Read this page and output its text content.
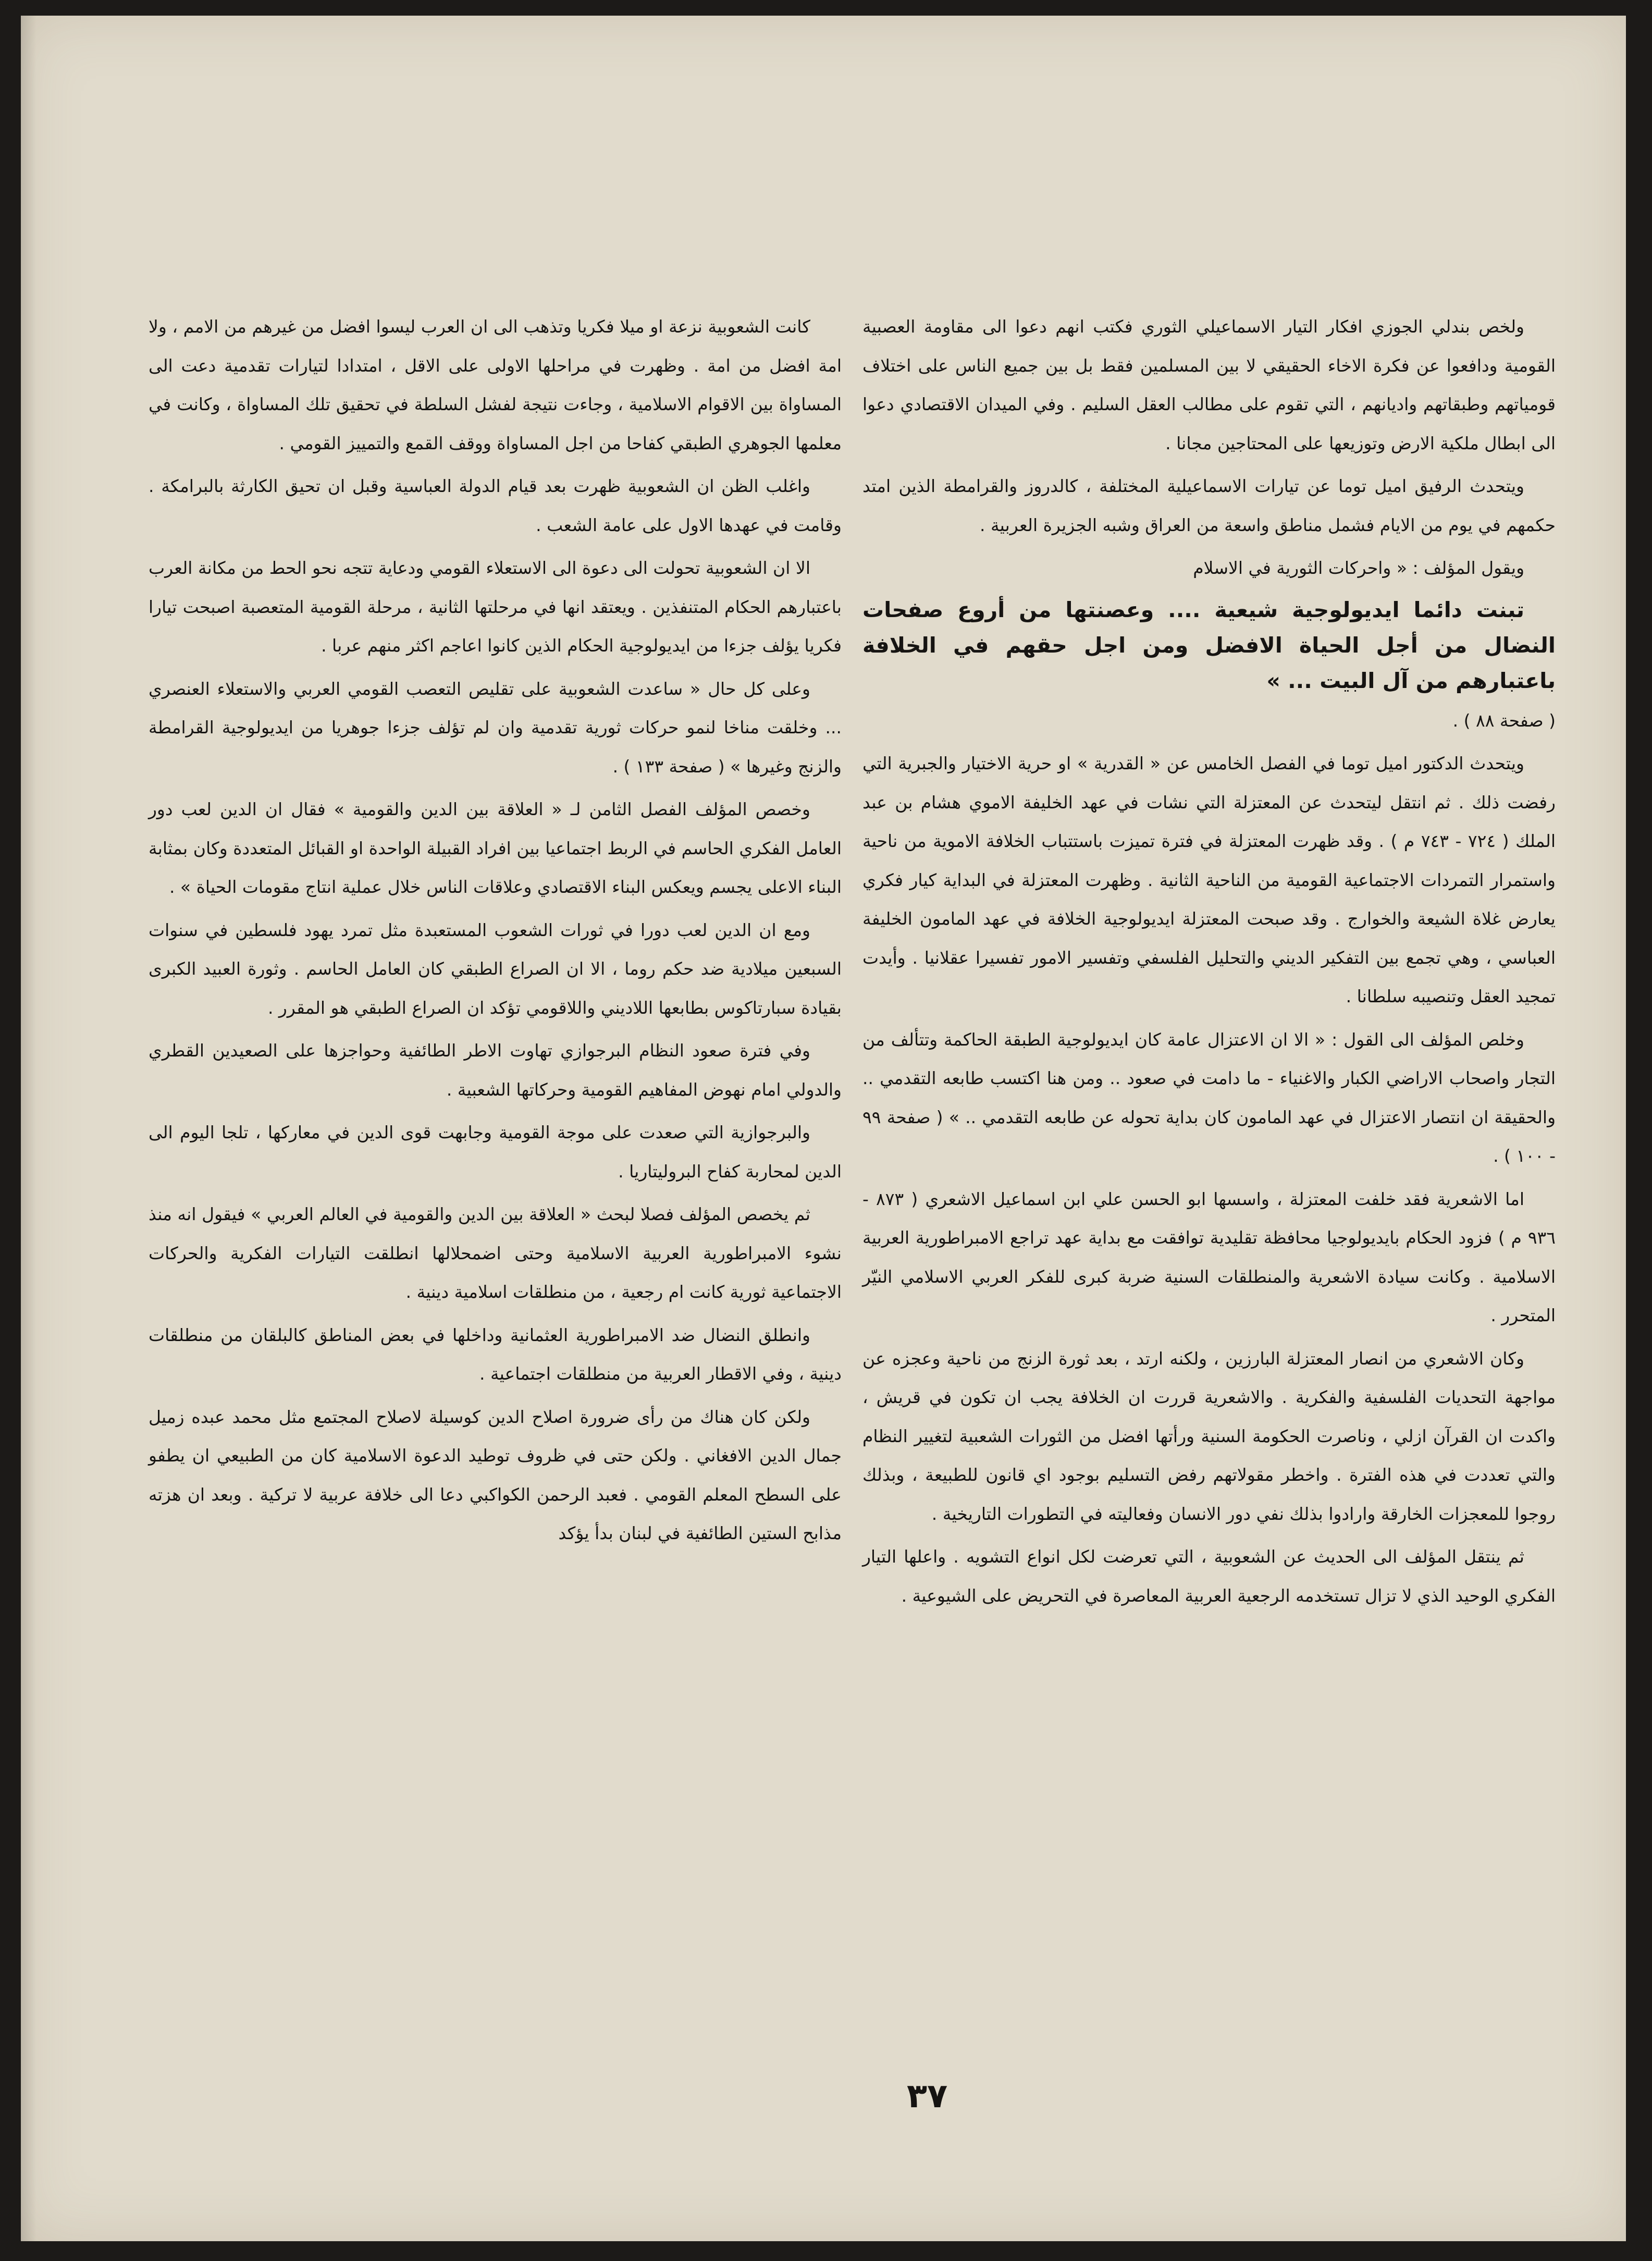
ولخص بندلي الجوزي افكار التيار الاسماعيلي الثوري فكتب انهم دعوا الى مقاومة العصبية القومية ودافعوا عن فكرة الاخاء الحقيقي لا بين المسلمين فقط بل بين جميع الناس على اختلاف قومياتهم وطبقاتهم واديانهم ، التي تقوم على مطالب العقل السليم . وفي الميدان الاقتصادي دعوا الى ابطال ملكية الارض وتوزيعها على المحتاجين مجانا .

ويتحدث الرفيق اميل توما عن تيارات الاسماعيلية المختلفة ، كالدروز والقرامطة الذين امتد حكمهم في يوم من الايام فشمل مناطق واسعة من العراق وشبه الجزيرة العربية .

ويقول المؤلف : « واحركات الثورية في الاسلام

تبنت دائما ايديولوجية شيعية .... وعصنتها من أروع صفحات النضال من أجل الحياة الافضل ومن اجل حقهم في الخلافة باعتبارهم من آل البيت ... »

( صفحة ٨٨ ) .

ويتحدث الدكتور اميل توما في الفصل الخامس عن « القدرية » او حرية الاختيار والجبرية التي رفضت ذلك . ثم انتقل ليتحدث عن المعتزلة التي نشات في عهد الخليفة الاموي هشام بن عبد الملك ( ٧٢٤ - ٧٤٣ م ) . وقد ظهرت المعتزلة في فترة تميزت باستتباب الخلافة الاموية من ناحية واستمرار التمردات الاجتماعية القومية من الناحية الثانية . وظهرت المعتزلة في البداية كيار فكري يعارض غلاة الشيعة والخوارج . وقد صبحت المعتزلة ايديولوجية الخلافة في عهد المامون الخليفة العباسي ، وهي تجمع بين التفكير الديني والتحليل الفلسفي وتفسير الامور تفسيرا عقلانيا . وأيدت تمجيد العقل وتنصيبه سلطانا .

وخلص المؤلف الى القول : « الا ان الاعتزال عامة كان ايديولوجية الطبقة الحاكمة وتتألف من التجار واصحاب الاراضي الكبار والاغنياء - ما دامت في صعود .. ومن هنا اكتسب طابعه التقدمي .. والحقيقة ان انتصار الاعتزال في عهد المامون كان بداية تحوله عن طابعه التقدمي .. » ( صفحة ٩٩ - ١٠٠ ) .

اما الاشعرية فقد خلفت المعتزلة ، واسسها ابو الحسن علي ابن اسماعيل الاشعري ( ٨٧٣ - ٩٣٦ م ) فزود الحكام بايديولوجيا محافظة تقليدية توافقت مع بداية عهد تراجع الامبراطورية العربية الاسلامية . وكانت سيادة الاشعرية والمنطلقات السنية ضربة كبرى للفكر العربي الاسلامي النيّر المتحرر .

وكان الاشعري من انصار المعتزلة البارزين ، ولكنه ارتد ، بعد ثورة الزنج من ناحية وعجزه عن مواجهة التحديات الفلسفية والفكرية . والاشعرية قررت ان الخلافة يجب ان تكون في قريش ، واكدت ان القرآن ازلي ، وناصرت الحكومة السنية ورأتها افضل من الثورات الشعبية لتغيير النظام والتي تعددت في هذه الفترة . واخطر مقولاتهم رفض التسليم بوجود اي قانون للطبيعة ، وبذلك روجوا للمعجزات الخارقة وارادوا بذلك نفي دور الانسان وفعاليته في التطورات التاريخية .

ثم ينتقل المؤلف الى الحديث عن الشعوبية ، التي تعرضت لكل انواع التشويه . واعلها التيار الفكري الوحيد الذي لا تزال تستخدمه الرجعية العربية المعاصرة في التحريض على الشيوعية .

كانت الشعوبية نزعة او ميلا فكريا وتذهب الى ان العرب ليسوا افضل من غيرهم من الامم ، ولا امة افضل من امة . وظهرت في مراحلها الاولى على الاقل ، امتدادا لتيارات تقدمية دعت الى المساواة بين الاقوام الاسلامية ، وجاءت نتيجة لفشل السلطة في تحقيق تلك المساواة ، وكانت في معلمها الجوهري الطبقي كفاحا من اجل المساواة ووقف القمع والتمييز القومي .

واغلب الظن ان الشعوبية ظهرت بعد قيام الدولة العباسية وقبل ان تحيق الكارثة بالبرامكة . وقامت في عهدها الاول على عامة الشعب .

الا ان الشعوبية تحولت الى دعوة الى الاستعلاء القومي ودعاية تتجه نحو الحط من مكانة العرب باعتبارهم الحكام المتنفذين . ويعتقد انها في مرحلتها الثانية ، مرحلة القومية المتعصبة اصبحت تيارا فكريا يؤلف جزءا من ايديولوجية الحكام الذين كانوا اعاجم اكثر منهم عربا .

وعلى كل حال « ساعدت الشعوبية على تقليص التعصب القومي العربي والاستعلاء العنصري ... وخلقت مناخا لنمو حركات ثورية تقدمية وان لم تؤلف جزءا جوهريا من ايديولوجية القرامطة والزنج وغيرها » ( صفحة ١٣٣ ) .

وخصص المؤلف الفصل الثامن لـ « العلاقة بين الدين والقومية » فقال ان الدين لعب دور العامل الفكري الحاسم في الربط اجتماعيا بين افراد القبيلة الواحدة او القبائل المتعددة وكان بمثابة البناء الاعلى يجسم ويعكس البناء الاقتصادي وعلاقات الناس خلال عملية انتاج مقومات الحياة » .

ومع ان الدين لعب دورا في ثورات الشعوب المستعبدة مثل تمرد يهود فلسطين في سنوات السبعين ميلادية ضد حكم روما ، الا ان الصراع الطبقي كان العامل الحاسم . وثورة العبيد الكبرى بقيادة سبارتاكوس بطابعها اللاديني واللاقومي تؤكد ان الصراع الطبقي هو المقرر .

وفي فترة صعود النظام البرجوازي تهاوت الاطر الطائفية وحواجزها على الصعيدين القطري والدولي امام نهوض المفاهيم القومية وحركاتها الشعبية .

والبرجوازية التي صعدت على موجة القومية وجابهت قوى الدين في معاركها ، تلجا اليوم الى الدين لمحاربة كفاح البروليتاريا .

ثم يخصص المؤلف فصلا لبحث « العلاقة بين الدين والقومية في العالم العربي » فيقول انه منذ نشوء الامبراطورية العربية الاسلامية وحتى اضمحلالها انطلقت التيارات الفكرية والحركات الاجتماعية ثورية كانت ام رجعية ، من منطلقات اسلامية دينية .

وانطلق النضال ضد الامبراطورية العثمانية وداخلها في بعض المناطق كالبلقان من منطلقات دينية ، وفي الاقطار العربية من منطلقات اجتماعية .

ولكن كان هناك من رأى ضرورة اصلاح الدين كوسيلة لاصلاح المجتمع مثل محمد عبده زميل جمال الدين الافغاني . ولكن حتى في ظروف توطيد الدعوة الاسلامية كان من الطبيعي ان يطفو على السطح المعلم القومي . فعبد الرحمن الكواكبي دعا الى خلافة عربية لا تركية . وبعد ان هزته مذابح الستين الطائفية في لبنان بدأ يؤكد

٣٧
